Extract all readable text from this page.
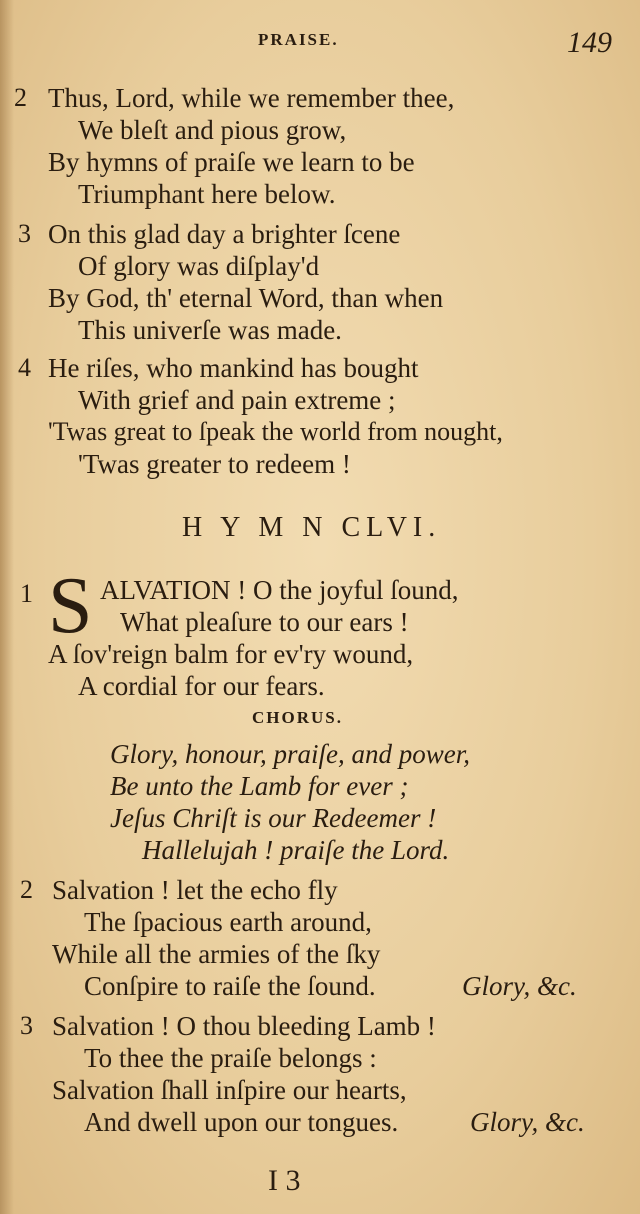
PRAISE.	149
2 Thus, Lord, while we remember thee,
We bleſt and pious grow,
By hymns of praiſe we learn to be
Triumphant here below.
3 On this glad day a brighter ſcene
Of glory was diſplay'd
By God, th' eternal Word, than when
This univerſe was made.
4 He riſes, who mankind has bought
With grief and pain extreme ;
'Twas great to ſpeak the world from nought,
'Twas greater to redeem !
H Y M N CLVI.
1 S ALVATION ! O the joyful ſound,
What pleaſure to our ears !
A ſov'reign balm for ev'ry wound,
A cordial for our fears.
CHORUS.
Glory, honour, praiſe, and power,
Be unto the Lamb for ever ;
Jeſus Chriſt is our Redeemer !
Hallelujah ! praiſe the Lord.
2 Salvation ! let the echo fly
The ſpacious earth around,
While all the armies of the ſky
Conſpire to raiſe the ſound.	Glory, &c.
3 Salvation ! O thou bleeding Lamb !
To thee the praiſe belongs :
Salvation ſhall inſpire our hearts,
And dwell upon our tongues.	Glory, &c.
I 3
